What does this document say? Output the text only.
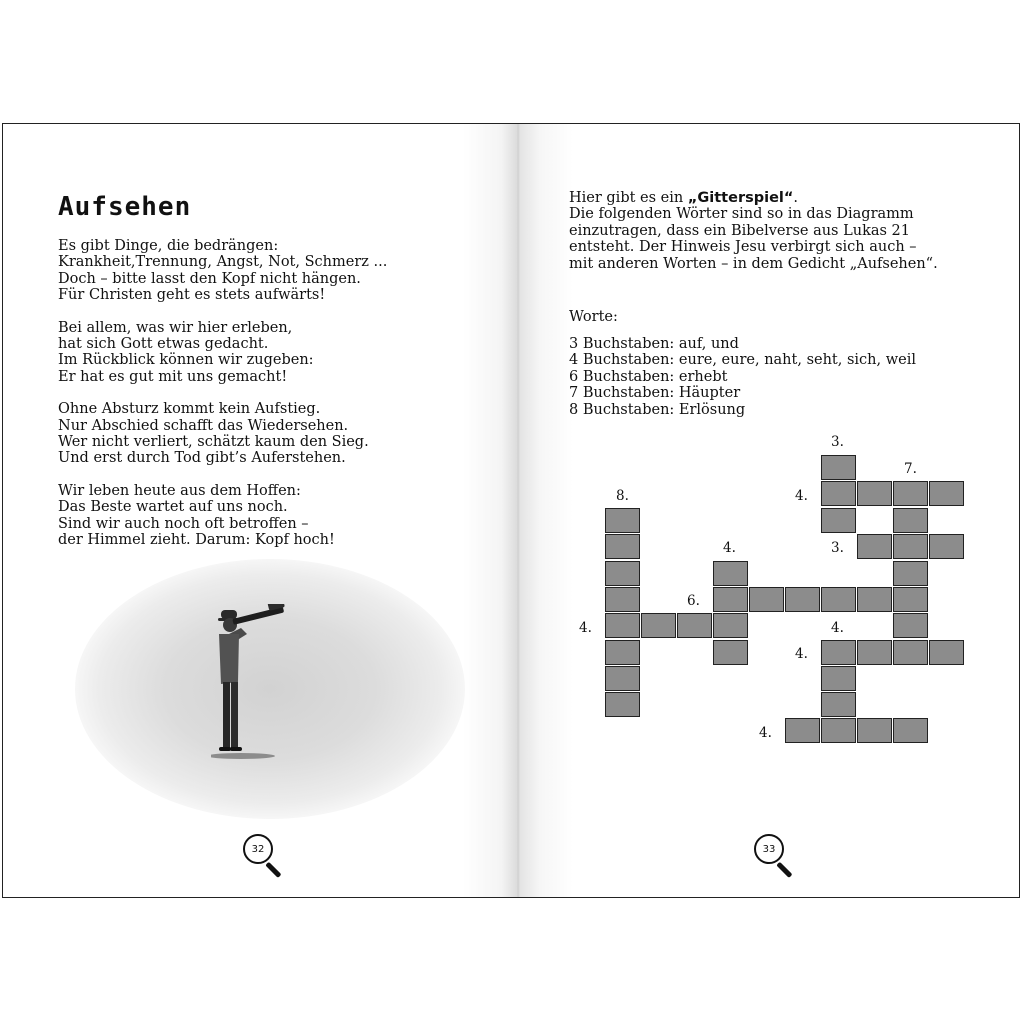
Aufsehen
Es gibt Dinge, die bedrängen:
Krankheit,Trennung, Angst, Not, Schmerz ...
Doch – bitte lasst den Kopf nicht hängen.
Für Christen geht es stets aufwärts!
Bei allem, was wir hier erleben,
hat sich Gott etwas gedacht.
Im Rückblick können wir zugeben:
Er hat es gut mit uns gemacht!
Ohne Absturz kommt kein Aufstieg.
Nur Abschied schafft das Wiedersehen.
Wer nicht verliert, schätzt kaum den Sieg.
Und erst durch Tod gibt’s Auferstehen.
Wir leben heute aus dem Hoffen:
Das Beste wartet auf uns noch.
Sind wir auch noch oft betroffen –
der Himmel zieht. Darum: Kopf hoch!
32
Hier gibt es ein „Gitterspiel“.
Die folgenden Wörter sind so in das Diagramm
einzutragen, dass ein Bibelverse aus Lukas 21
entsteht. Der Hinweis Jesu verbirgt sich auch –
mit anderen Worten – in dem Gedicht „Aufsehen“.
Worte:
3 Buchstaben: auf, und
4 Buchstaben: eure, eure, naht, seht, sich, weil
6 Buchstaben: erhebt
7 Buchstaben: Häupter
8 Buchstaben: Erlösung
3.
7.
8.	4.
3.
4.
6.
4.	4.
4.
4.
33
